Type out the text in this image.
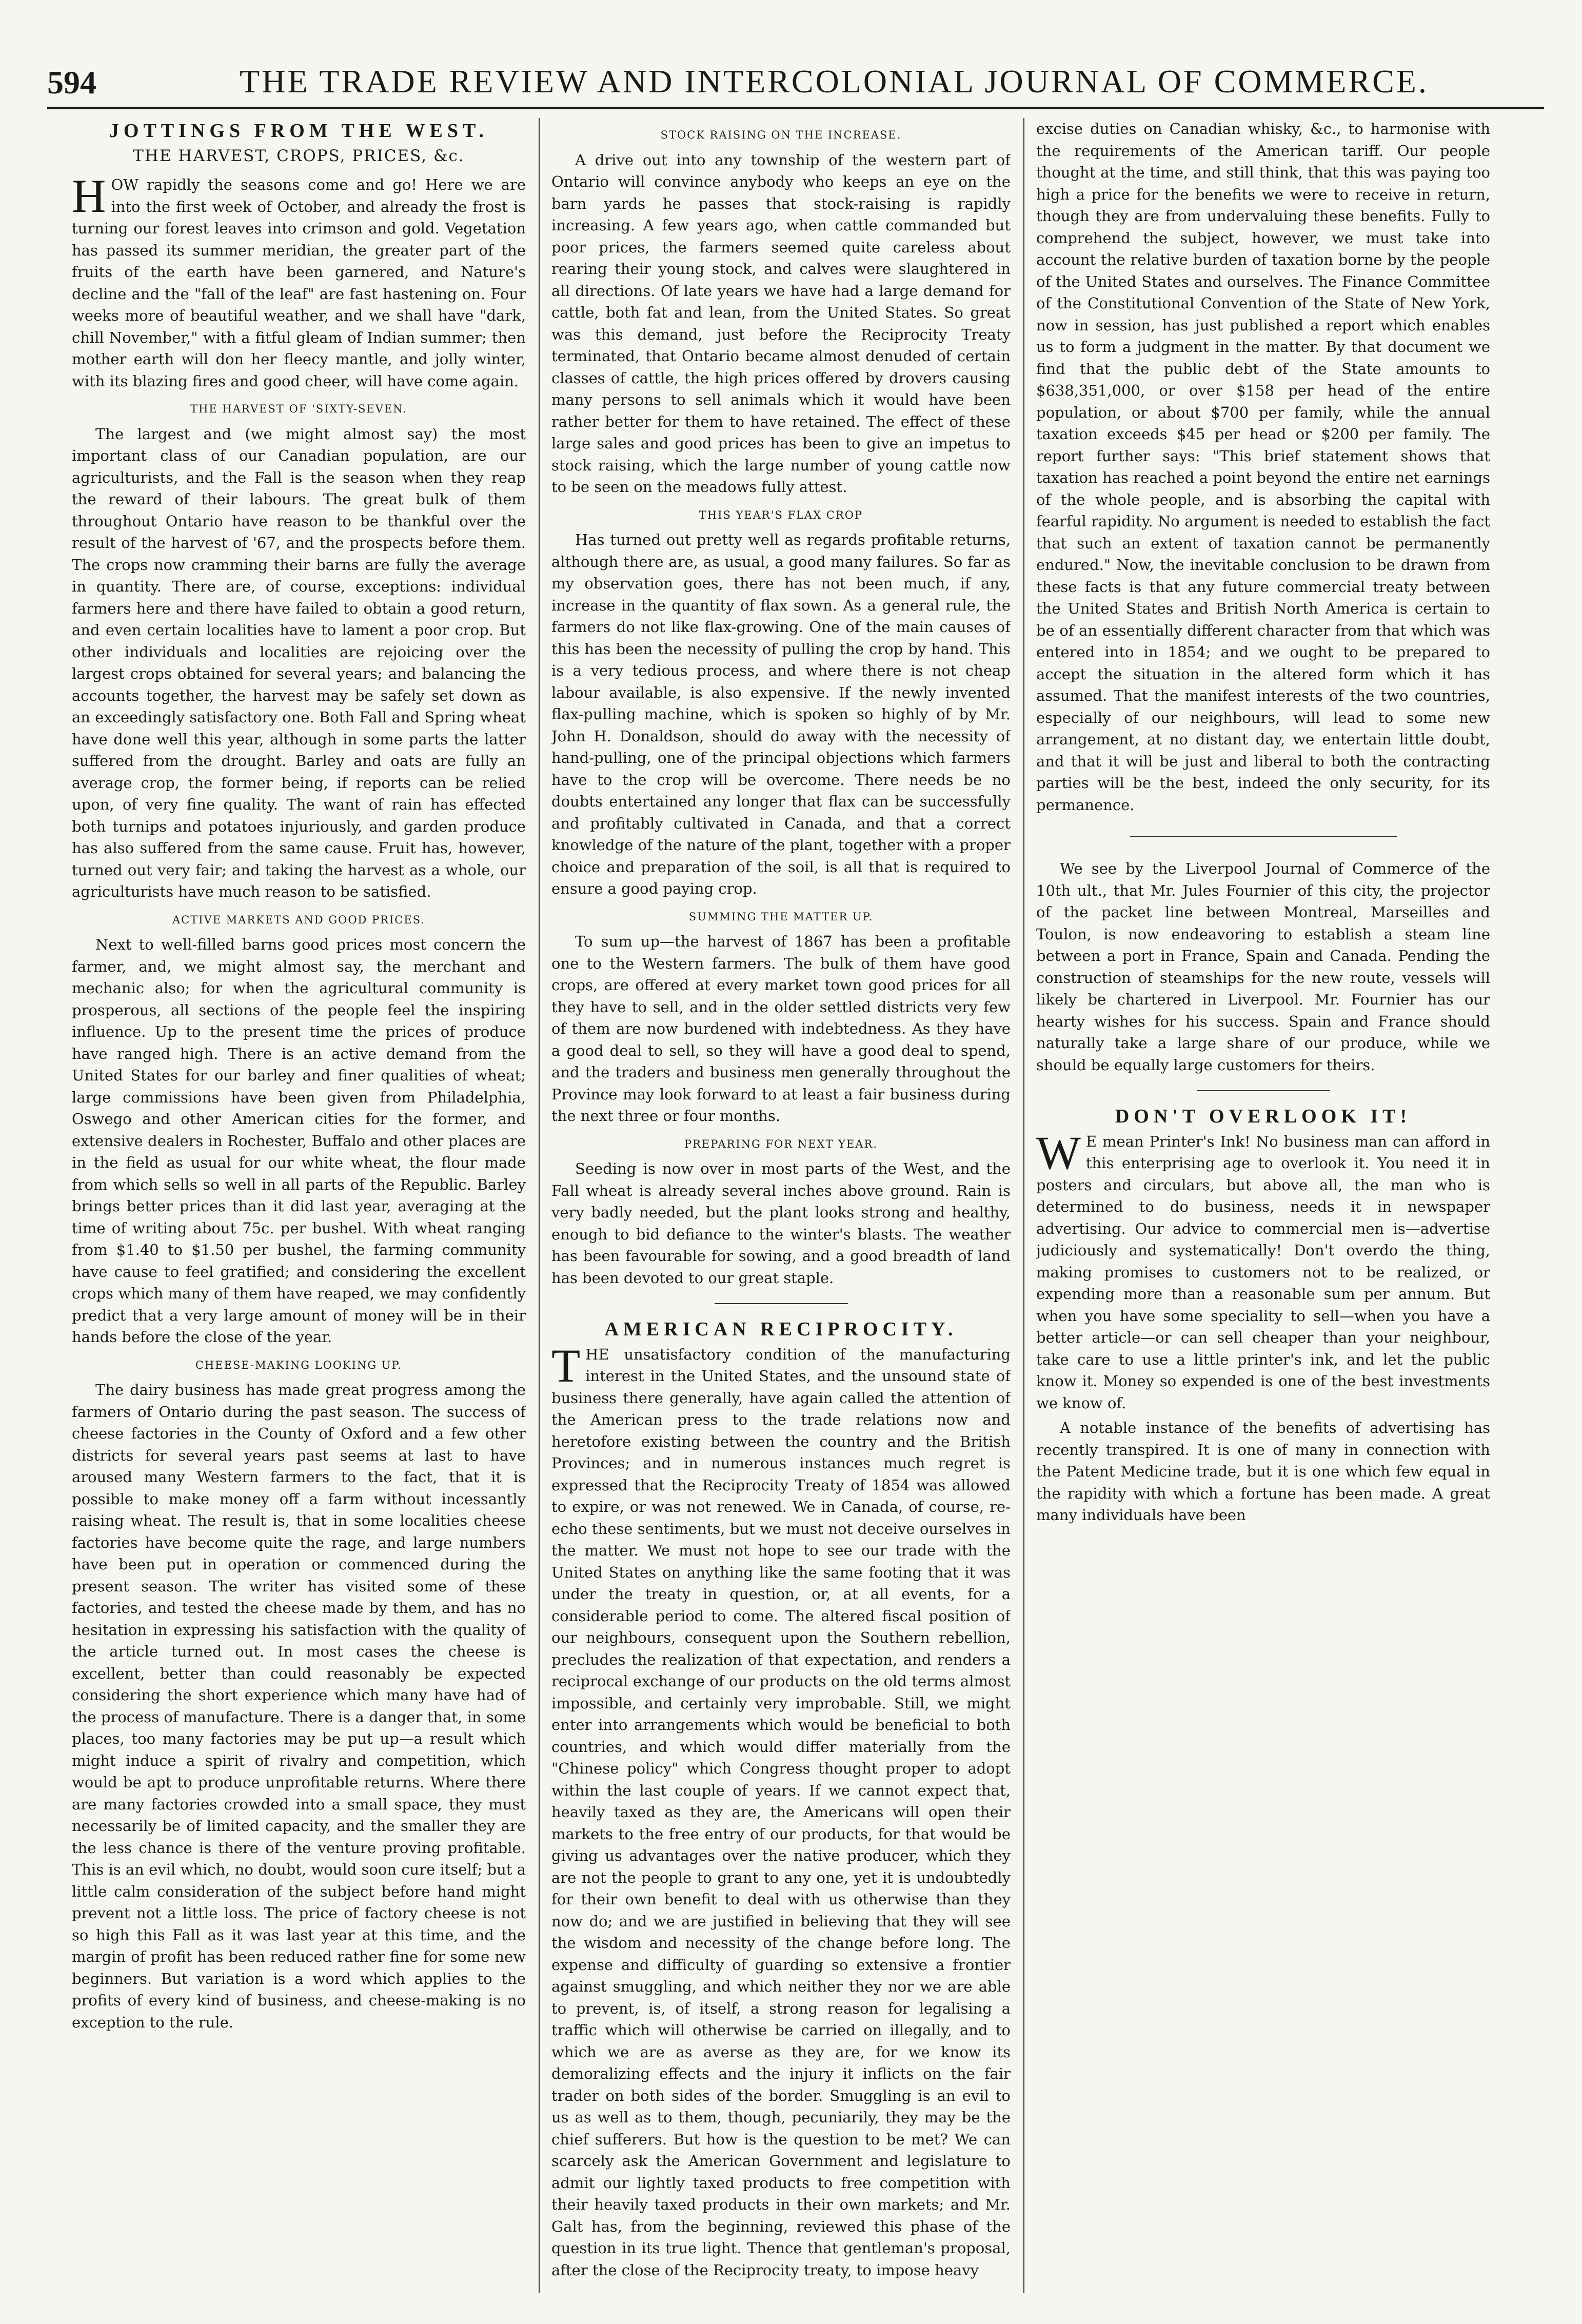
594	THE TRADE REVIEW AND INTERCOLONIAL JOURNAL OF COMMERCE.
JOTTINGS FROM THE WEST.
THE HARVEST, CROPS, PRICES, &c.

HOW rapidly the seasons come and go! Here we are into the first week of October, and already the frost is turning our forest leaves into crimson and gold. Vegetation has passed its summer meridian, the greater part of the fruits of the earth have been garnered, and Nature's decline and the "fall of the leaf" are fast hastening on. Four weeks more of beautiful weather, and we shall have "dark, chill November," with a fitful gleam of Indian summer; then mother earth will don her fleecy mantle, and jolly winter, with its blazing fires and good cheer, will have come again.

THE HARVEST OF 'SIXTY-SEVEN.

The largest and (we might almost say) the most important class of our Canadian population, are our agriculturists, and the Fall is the season when they reap the reward of their labours. The great bulk of them throughout Ontario have reason to be thankful over the result of the harvest of '67, and the prospects before them. The crops now cramming their barns are fully the average in quantity. There are, of course, exceptions: individual farmers here and there have failed to obtain a good return, and even certain localities have to lament a poor crop. But other individuals and localities are rejoicing over the largest crops obtained for several years; and balancing the accounts together, the harvest may be safely set down as an exceedingly satisfactory one. Both Fall and Spring wheat have done well this year, although in some parts the latter suffered from the drought. Barley and oats are fully an average crop, the former being, if reports can be relied upon, of very fine quality. The want of rain has effected both turnips and potatoes injuriously, and garden produce has also suffered from the same cause. Fruit has, however, turned out very fair; and taking the harvest as a whole, our agriculturists have much reason to be satisfied.

ACTIVE MARKETS AND GOOD PRICES.

Next to well-filled barns good prices most concern the farmer, and, we might almost say, the merchant and mechanic also; for when the agricultural community is prosperous, all sections of the people feel the inspiring influence. Up to the present time the prices of produce have ranged high. There is an active demand from the United States for our barley and finer qualities of wheat; large commissions have been given from Philadelphia, Oswego and other American cities for the former, and extensive dealers in Rochester, Buffalo and other places are in the field as usual for our white wheat, the flour made from which sells so well in all parts of the Republic. Barley brings better prices than it did last year, averaging at the time of writing about 75c. per bushel. With wheat ranging from $1.40 to $1.50 per bushel, the farming community have cause to feel gratified; and considering the excellent crops which many of them have reaped, we may confidently predict that a very large amount of money will be in their hands before the close of the year.

CHEESE-MAKING LOOKING UP.

The dairy business has made great progress among the farmers of Ontario during the past season. The success of cheese factories in the County of Oxford and a few other districts for several years past seems at last to have aroused many Western farmers to the fact, that it is possible to make money off a farm without incessantly raising wheat. The result is, that in some localities cheese factories have become quite the rage, and large numbers have been put in operation or commenced during the present season. The writer has visited some of these factories, and tested the cheese made by them, and has no hesitation in expressing his satisfaction with the quality of the article turned out. In most cases the cheese is excellent, better than could reasonably be expected considering the short experience which many have had of the process of manufacture. There is a danger that, in some places, too many factories may be put up—a result which might induce a spirit of rivalry and competition, which would be apt to produce unprofitable returns. Where there are many factories crowded into a small space, they must necessarily be of limited capacity, and the smaller they are the less chance is there of the venture proving profitable. This is an evil which, no doubt, would soon cure itself; but a little calm consideration of the subject before hand might prevent not a little loss. The price of factory cheese is not so high this Fall as it was last year at this time, and the margin of profit has been reduced rather fine for some new beginners. But variation is a word which applies to the profits of every kind of business, and cheese-making is no exception to the rule.

STOCK RAISING ON THE INCREASE.

A drive out into any township of the western part of Ontario will convince anybody who keeps an eye on the barn yards he passes that stock-raising is rapidly increasing. A few years ago, when cattle commanded but poor prices, the farmers seemed quite careless about rearing their young stock, and calves were slaughtered in all directions. Of late years we have had a large demand for cattle, both fat and lean, from the United States. So great was this demand, just before the Reciprocity Treaty terminated, that Ontario became almost denuded of certain classes of cattle, the high prices offered by drovers causing many persons to sell animals which it would have been rather better for them to have retained. The effect of these large sales and good prices has been to give an impetus to stock raising, which the large number of young cattle now to be seen on the meadows fully attest.

THIS YEAR'S FLAX CROP

Has turned out pretty well as regards profitable returns, although there are, as usual, a good many failures. So far as my observation goes, there has not been much, if any, increase in the quantity of flax sown. As a general rule, the farmers do not like flax-growing. One of the main causes of this has been the necessity of pulling the crop by hand. This is a very tedious process, and where there is not cheap labour available, is also expensive. If the newly invented flax-pulling machine, which is spoken so highly of by Mr. John H. Donaldson, should do away with the necessity of hand-pulling, one of the principal objections which farmers have to the crop will be overcome. There needs be no doubts entertained any longer that flax can be successfully and profitably cultivated in Canada, and that a correct knowledge of the nature of the plant, together with a proper choice and preparation of the soil, is all that is required to ensure a good paying crop.

SUMMING THE MATTER UP.

To sum up—the harvest of 1867 has been a profitable one to the Western farmers. The bulk of them have good crops, are offered at every market town good prices for all they have to sell, and in the older settled districts very few of them are now burdened with indebtedness. As they have a good deal to sell, so they will have a good deal to spend, and the traders and business men generally throughout the Province may look forward to at least a fair business during the next three or four months.

PREPARING FOR NEXT YEAR.

Seeding is now over in most parts of the West, and the Fall wheat is already several inches above ground. Rain is very badly needed, but the plant looks strong and healthy, enough to bid defiance to the winter's blasts. The weather has been favourable for sowing, and a good breadth of land has been devoted to our great staple.

AMERICAN RECIPROCITY.

THE unsatisfactory condition of the manufacturing interest in the United States, and the unsound state of business there generally, have again called the attention of the American press to the trade relations now and heretofore existing between the country and the British Provinces; and in numerous instances much regret is expressed that the Reciprocity Treaty of 1854 was allowed to expire, or was not renewed. We in Canada, of course, re-echo these sentiments, but we must not deceive ourselves in the matter. We must not hope to see our trade with the United States on anything like the same footing that it was under the treaty in question, or, at all events, for a considerable period to come. The altered fiscal position of our neighbours, consequent upon the Southern rebellion, precludes the realization of that expectation, and renders a reciprocal exchange of our products on the old terms almost impossible, and certainly very improbable. Still, we might enter into arrangements which would be beneficial to both countries, and which would differ materially from the "Chinese policy" which Congress thought proper to adopt within the last couple of years. If we cannot expect that, heavily taxed as they are, the Americans will open their markets to the free entry of our products, for that would be giving us advantages over the native producer, which they are not the people to grant to any one, yet it is undoubtedly for their own benefit to deal with us otherwise than they now do; and we are justified in believing that they will see the wisdom and necessity of the change before long. The expense and difficulty of guarding so extensive a frontier against smuggling, and which neither they nor we are able to prevent, is, of itself, a strong reason for legalising a traffic which will otherwise be carried on illegally, and to which we are as averse as they are, for we know its demoralizing effects and the injury it inflicts on the fair trader on both sides of the border. Smuggling is an evil to us as well as to them, though, pecuniarily, they may be the chief sufferers. But how is the question to be met? We can scarcely ask the American Government and legislature to admit our lightly taxed products to free competition with their heavily taxed products in their own markets; and Mr. Galt has, from the beginning, reviewed this phase of the question in its true light. Thence that gentleman's proposal, after the close of the Reciprocity treaty, to impose heavy

excise duties on Canadian whisky, &c., to harmonise with the requirements of the American tariff. Our people thought at the time, and still think, that this was paying too high a price for the benefits we were to receive in return, though they are from undervaluing these benefits. Fully to comprehend the subject, however, we must take into account the relative burden of taxation borne by the people of the United States and ourselves. The Finance Committee of the Constitutional Convention of the State of New York, now in session, has just published a report which enables us to form a judgment in the matter. By that document we find that the public debt of the State amounts to $638,351,000, or over $158 per head of the entire population, or about $700 per family, while the annual taxation exceeds $45 per head or $200 per family. The report further says: "This brief statement shows that taxation has reached a point beyond the entire net earnings of the whole people, and is absorbing the capital with fearful rapidity. No argument is needed to establish the fact that such an extent of taxation cannot be permanently endured." Now, the inevitable conclusion to be drawn from these facts is that any future commercial treaty between the United States and British North America is certain to be of an essentially different character from that which was entered into in 1854; and we ought to be prepared to accept the situation in the altered form which it has assumed. That the manifest interests of the two countries, especially of our neighbours, will lead to some new arrangement, at no distant day, we entertain little doubt, and that it will be just and liberal to both the contracting parties will be the best, indeed the only security, for its permanence.

We see by the Liverpool Journal of Commerce of the 10th ult., that Mr. Jules Fournier of this city, the projector of the packet line between Montreal, Marseilles and Toulon, is now endeavoring to establish a steam line between a port in France, Spain and Canada. Pending the construction of steamships for the new route, vessels will likely be chartered in Liverpool. Mr. Fournier has our hearty wishes for his success. Spain and France should naturally take a large share of our produce, while we should be equally large customers for theirs.

DON'T OVERLOOK IT!

W E mean Printer's Ink! No business man can afford in this enterprising age to overlook it. You need it in posters and circulars, but above all, the man who is determined to do business, needs it in newspaper advertising. Our advice to commercial men is—advertise judiciously and systematically! Don't overdo the thing, making promises to customers not to be realized, or expending more than a reasonable sum per annum. But when you have some speciality to sell—when you have a better article—or can sell cheaper than your neighbour, take care to use a little printer's ink, and let the public know it. Money so expended is one of the best investments we know of.

A notable instance of the benefits of advertising has recently transpired. It is one of many in connection with the Patent Medicine trade, but it is one which few equal in the rapidity with which a fortune has been made. A great many individuals have been
